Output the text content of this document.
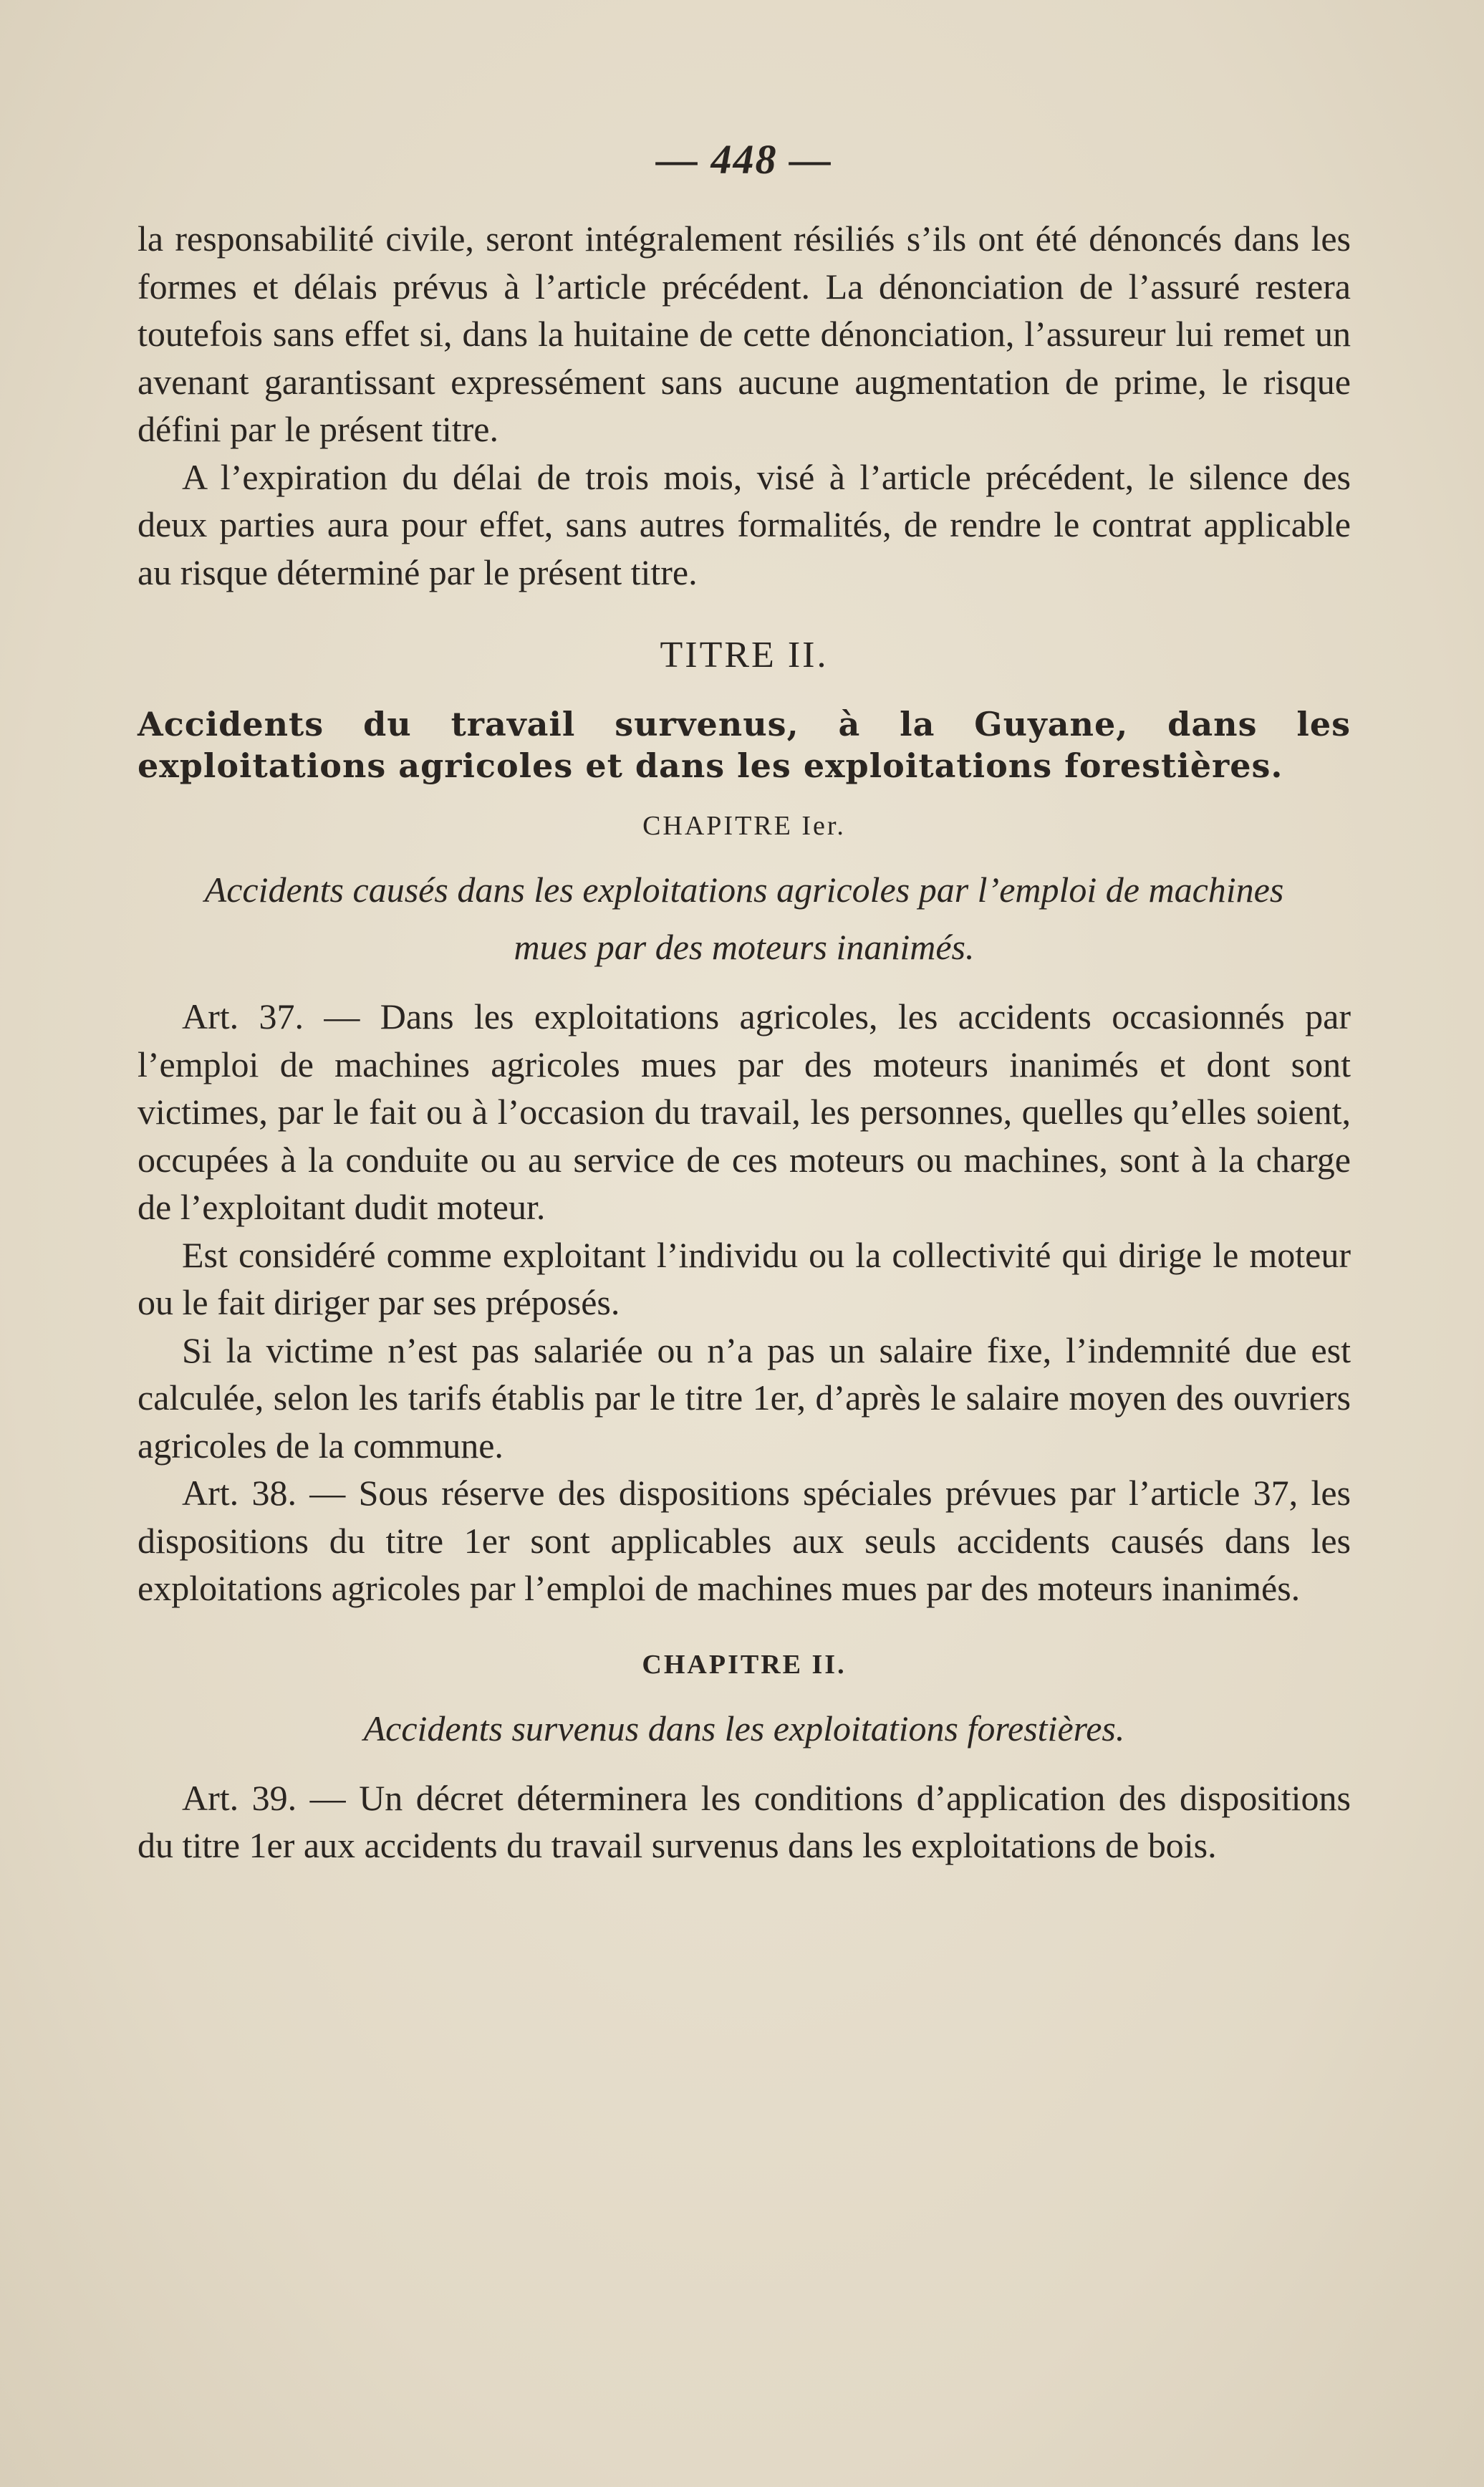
— 448 —

la responsabilité civile, seront intégralement résiliés s’ils ont été dénoncés dans les formes et délais prévus à l’article précédent. La dénonciation de l’assuré restera toutefois sans effet si, dans la huitaine de cette dénonciation, l’assureur lui remet un avenant garantissant expressément sans aucune augmentation de prime, le risque défini par le présent titre.

A l’expiration du délai de trois mois, visé à l’article précédent, le silence des deux parties aura pour effet, sans autres formalités, de rendre le contrat applicable au risque déterminé par le présent titre.

TITRE II.

Accidents du travail survenus, à la Guyane, dans les exploitations agricoles et dans les exploitations forestières.

CHAPITRE Ier.
Accidents causés dans les exploitations agricoles par l’emploi de machines mues par des moteurs inanimés.

Art. 37. — Dans les exploitations agricoles, les accidents occasionnés par l’emploi de machines agricoles mues par des moteurs inanimés et dont sont victimes, par le fait ou à l’occasion du travail, les personnes, quelles qu’elles soient, occupées à la conduite ou au service de ces moteurs ou machines, sont à la charge de l’exploitant dudit moteur.

Est considéré comme exploitant l’individu ou la collectivité qui dirige le moteur ou le fait diriger par ses préposés.

Si la victime n’est pas salariée ou n’a pas un salaire fixe, l’indemnité due est calculée, selon les tarifs établis par le titre 1er, d’après le salaire moyen des ouvriers agricoles de la commune.

Art. 38. — Sous réserve des dispositions spéciales prévues par l’article 37, les dispositions du titre 1er sont applicables aux seuls accidents causés dans les exploitations agricoles par l’emploi de machines mues par des moteurs inanimés.

CHAPITRE II.
Accidents survenus dans les exploitations forestières.

Art. 39. — Un décret déterminera les conditions d’application des dispositions du titre 1er aux accidents du travail survenus dans les exploitations de bois.
